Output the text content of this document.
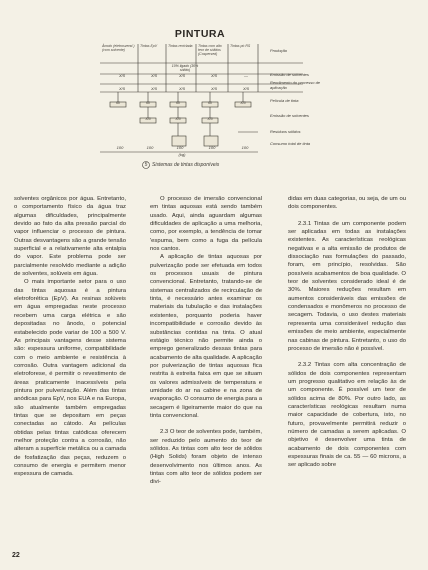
PINTURA
Ânodo (eletrosvend.) (com solvente)
Tintas EpV	Tintas reciclada	Tintas com alto teor de sólidos (Cospersed)
Tintas pó RS
Produção
Emissão de solventes
Rendimento do processo de aplicação
Película de tinta
Emissão de solventes
Resíduos sólidos
Consumo total de tinta
X/5	X/5	X/5	X/5	—
10% ligado (30% sólido)
X/5	X/5	X/5	X/5	X/5
60	60	60	60	X/5
X/5	X/5	X/5
100	100	100	100	100
(kg)
5 Sistemas de tintas disponíveis

solventes orgânicos por água. Entretanto, o comportamento físico da água traz algumas dificuldades, principalmente devido ao fato da alta pressão parcial do vapor influenciar o processo de pintura. Outras desvantagens são a grande tensão superficial e a relativamente alta entalpia do vapor. Este problema pode ser parcialmente resolvido mediante a adição de solventes, solúveis em água.

O mais importante setor para o uso das tintas aquosas é a pintura eletroforética (EpV). As resinas solúveis em água empregadas neste processo recebem uma carga elétrica e são depositadas no ânodo, o potencial estabelecido pode variar de 100 a 500 V. As principais vantagens desse sistema são: espessura uniforme, compatibilidade com o meio ambiente e resistência à corrosão. Outra vantagem adicional da eletroforese, é permitir o revestimento de áreas praticamente inacessíveis pela pintura por pulverização. Além das tintas anódicas para EpV, nos EUA e na Europa, são atualmente também empregadas tintas que se depositam em peças conectadas ao cátodo. As películas obtidas pelas tintas catódicas oferecem melhor proteção contra a corrosão, não alteram a superfície metálica ou a camada de fosfatização das peças, reduzem o consumo de energia e permitem menor espessura de camada.

O processo de imersão convencional em tintas aquosas está sendo também usado. Aqui, ainda aguardam algumas dificuldades de aplicação a uma melhoria, como, por exemplo, a tendência de tomar 'espuma, bem como a fuga da película nos cantos.

A aplicação de tintas aquosas por pulverização pode ser efetuada em todos os processos usuais de pintura convencional. Entretanto, tratando-se de sistemas centralizados de recirculação de tinta, é necessário antes examinar os materiais da tubulação e das instalações existentes, porquanto poderia haver incompatibilidade e corrosão devido às substâncias contidas na tinta. O atual estágio técnico não permite ainda o emprego generalizado dessas tintas para acabamento de alta qualidade. A aplicação por pulverização de tintas aquosas fica restrita à estreita faixa em que se situam os valores admissíveis de temperatura e umidade do ar na cabine e na zona de evaporação. O consumo de energia para a secagem é ligeiramente maior do que na tinta convencional.

2.3 O teor de solventes pode, também, ser reduzido pelo aumento do teor de sólidos. As tintas com alto teor de sólidos (High Solids) foram objeto de intenso desenvolvimento nos últimos anos. As tintas com alto teor de sólidos podem ser divi-

didas em duas categorias, ou seja, de um ou dois componentes.

2.3.1 Tintas de um componente podem ser aplicadas em todas as instalações existentes. As características reológicas negativas e a alta emissão de produtos de dissociação nas formulações do passado, foram, em princípio, resolvidas. São possíveis acabamentos de boa qualidade. O teor de solventes considerado ideal é de 30%. Maiores reduções resultam em aumentos consideráveis das emissões de condensados e monômeros no processo de secagem. Todavia, o uso destes materiais representa uma considerável redução das emissões de meio ambiente, especialmente nas cabinas de pintura. Entretanto, o uso do processo de imersão não é possível.

2.3.2 Tintas com alta concentração de sólidos de dois componentes representam um progresso qualitativo em relação às de um componente. É possível um teor de sólidos acima de 80%. Por outro lado, as características reológicas resultam numa maior capacidade de cobertura, isto, no futuro, provavelmente permitirá reduzir o número de camadas a serem aplicadas. O objetivo é desenvolver uma tinta de acabamento de dois componentes com espessuras finais de ca. 55 — 60 microns, a ser aplicado sobre

22
